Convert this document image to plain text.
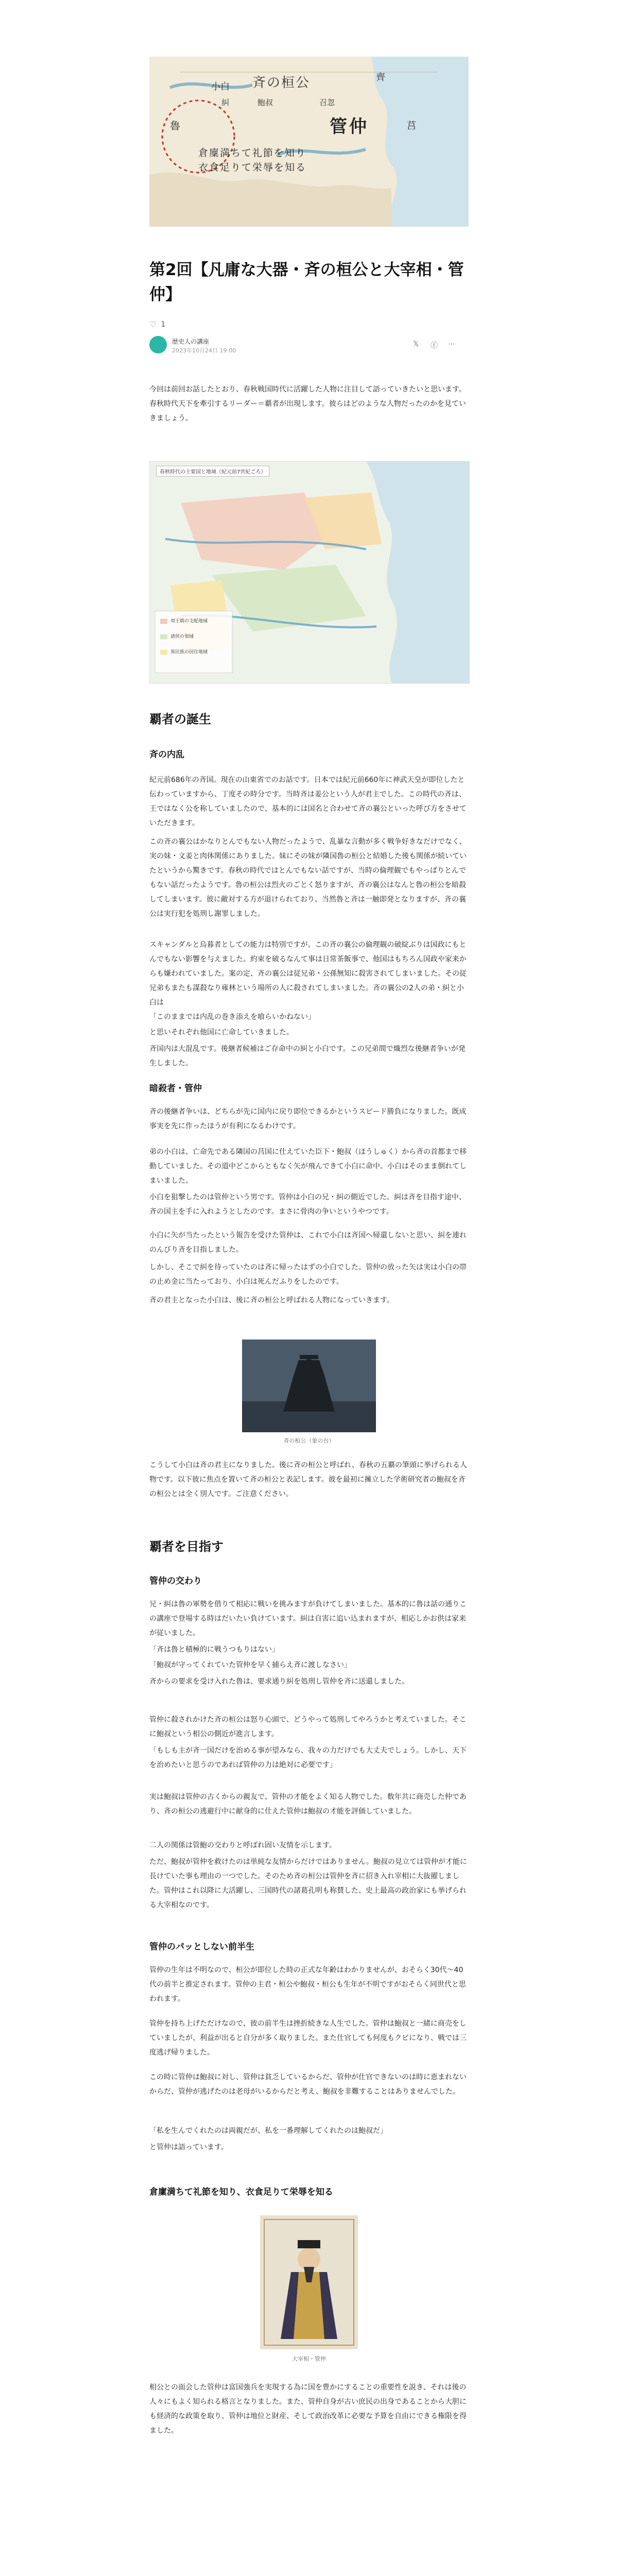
小白 斉の桓公	齊
魯
糾	鮑叔	召忽
管仲	莒
倉廩満ちて礼節を知り
衣食足りて栄辱を知る
第2回【凡庸な大器・斉の桓公と大宰相・管仲】
♡ 1
歴史人の講座
2023年10月24日 19:00
𝕏 ⓕ ⋯

今回は前回お話したとおり、春秋戦国時代に活躍した人物に注目して語っていきたいと思います。春秋時代天下を牽引するリーダー＝覇者が出現します。彼らはどのような人物だったのかを見ていきましょう。

春秋時代の主要国と地域（紀元前7世紀ごろ）
周王朝の支配地域
諸侯の領域
異民族の居住地域
覇者の誕生
斉の内乱

紀元前686年の斉国。現在の山東省でのお話です。日本では紀元前660年に神武天皇が即位したと伝わっていますから、丁度その時分です。当時斉は姜公という人が君主でした。この時代の斉は、王ではなく公を称していましたので、基本的には国名と合わせて斉の襄公といった呼び方をさせていただきます。

この斉の襄公はかなりとんでもない人物だったようで、乱暴な言動が多く戦争好きなだけでなく、実の妹・文姜と肉体関係にありました。妹にその妹が隣国魯の桓公と結婚した後も関係が続いていたというから驚きです。春秋の時代ではとんでもない話ですが、当時の倫理観でもやっぱりとんでもない話だったようです。魯の桓公は烈火のごとく怒りますが、斉の襄公はなんと魯の桓公を暗殺してしまいます。彼に敵対する方が退けられており、当然魯と斉は一触即発となりますが、斉の襄公は実行犯を処刑し謝罪しました。

スキャンダルと烏暮者としての能力は特別ですが、この斉の襄公の倫理観の破綻ぶりは国政にもとんでもない影響を与えました。約束を破るなんて事は日常茶飯事で、他国はもちろん国政や家来からも嫌われていました。案の定、斉の襄公は従兄弟・公孫無知に殺害されてしまいました。その従兄弟もまたも謀殺なり雍林という場所の人に殺されてしまいました。斉の襄公の2人の弟・糾と小白は

「このままでは内乱の巻き添えを喰らいかねない」

と思いそれぞれ他国に亡命していきました。

斉国内は大混乱です。後継者候補はご存命中の糾と小白です。この兄弟間で熾烈な後継者争いが発生しました。

暗殺者・管仲

斉の後継者争いは、どちらが先に国内に戻り即位できるかというスピード勝負になりました。既成事実を先に作ったほうが有利になるわけです。

弟の小白は、亡命先である隣国の莒国に仕えていた臣下・鮑叔（ほうしゅく）から斉の首都まで移動していました。その道中どこからともなく矢が飛んできて小白に命中。小白はそのまま倒れてしまいました。

小白を狙撃したのは管仲という男です。管仲は小白の兄・糾の側近でした。糾は斉を目指す途中、斉の国主を手に入れようとしたのです。まさに骨肉の争いというやつです。

小白に矢が当たったという報告を受けた管仲は、これで小白は斉国へ帰還しないと思い、糾を連れのんびり斉を目指しました。

しかし、そこで糾を待っていたのは斉に帰ったはずの小白でした。管仲の放った矢は実は小白の帯の止め金に当たっており、小白は死んだふりをしたのです。

斉の君主となった小白は、後に斉の桓公と呼ばれる人物になっていきます。

斉の桓公（象の台）

こうして小白は斉の君主になりました。後に斉の桓公と呼ばれ、春秋の五覇の筆頭に挙げられる人物です。以下彼に焦点を置いて斉の桓公と表記します。彼を最初に擁立した学術研究者の鮑叔を斉の桓公とは全く別人です。ご注意ください。

覇者を目指す
管仲の交わり

兄・糾は魯の軍勢を借りて相応に戦いを挑みますが負けてしまいました。基本的に魯は話の通りこの講座で登場する時はだいたい負けています。糾は自害に追い込まれますが、相応しかお供は家来が従いました。

「斉は魯と積極的に戦うつもりはない」

「鮑叔が守ってくれていた管仲を早く捕らえ斉に渡しなさい」

斉からの要求を受け入れた魯は、要求通り糾を処刑し管仲を斉に送還しました。

管仲に殺されかけた斉の桓公は怒り心頭で、どうやって処刑してやろうかと考えていました。そこに鮑叔という相公の側近が進言します。

「もしも主が斉一国だけを治める事が望みなら、我々の力だけでも大丈夫でしょう。しかし、天下を治めたいと思うのであれば管仲の力は絶対に必要です」

実は鮑叔は管仲の古くからの親友で、管仲の才能をよく知る人物でした。数年共に商売した仲であり、斉の桓公の逃避行中に献身的に仕えた管仲は鮑叔の才能を評価していました。

二人の関係は管鮑の交わりと呼ばれ固い友情を示します。

ただ、鮑叔が管仲を救けたのは単純な友情からだけではありません。鮑叔の見立ては管仲が才能に長けていた事も理由の一つでした。そのため斉の桓公は管仲を斉に招き入れ宰相に大抜擢しました。管仲はこれ以降に大活躍し、三国時代の諸葛孔明も称賛した、史上最高の政治家にも挙げられる大宰相なのです。

管仲のパッとしない前半生

管仲の生年は不明なので、桓公が即位した時の正式な年齢はわかりませんが、おそらく30代〜40代の前半と推定されます。管仲の主君・桓公や鮑叔・桓公も生年が不明ですがおそらく同世代と思われます。

管仲を持ち上げただけなので、彼の前半生は挫折続きな人生でした。管仲は鮑叔と一緒に商売をしていましたが、利益が出ると自分が多く取りました。また仕官しても何度もクビになり、戦では三度逃げ帰りました。

この時に管仲は鮑叔に対し、管仲は貧乏しているからだ、管仲が仕官できないのは時に恵まれないからだ、管仲が逃げたのは老母がいるからだと考え、鮑叔を非難することはありませんでした。

「私を生んでくれたのは両親だが、私を一番理解してくれたのは鮑叔だ」

と管仲は語っています。

倉廩満ちて礼節を知り、衣食足りて栄辱を知る
大宰相・管仲

相公との面会した管仲は富国強兵を実現する為に国を豊かにすることの重要性を説き、それは後の人々にもよく知られる格言となりました。また、管仲自身が古い庶民の出身であることから大胆にも経済的な政策を取り、管仲は地位と財産、そして政治改革に必要な予算を自由にできる権限を得ました。
